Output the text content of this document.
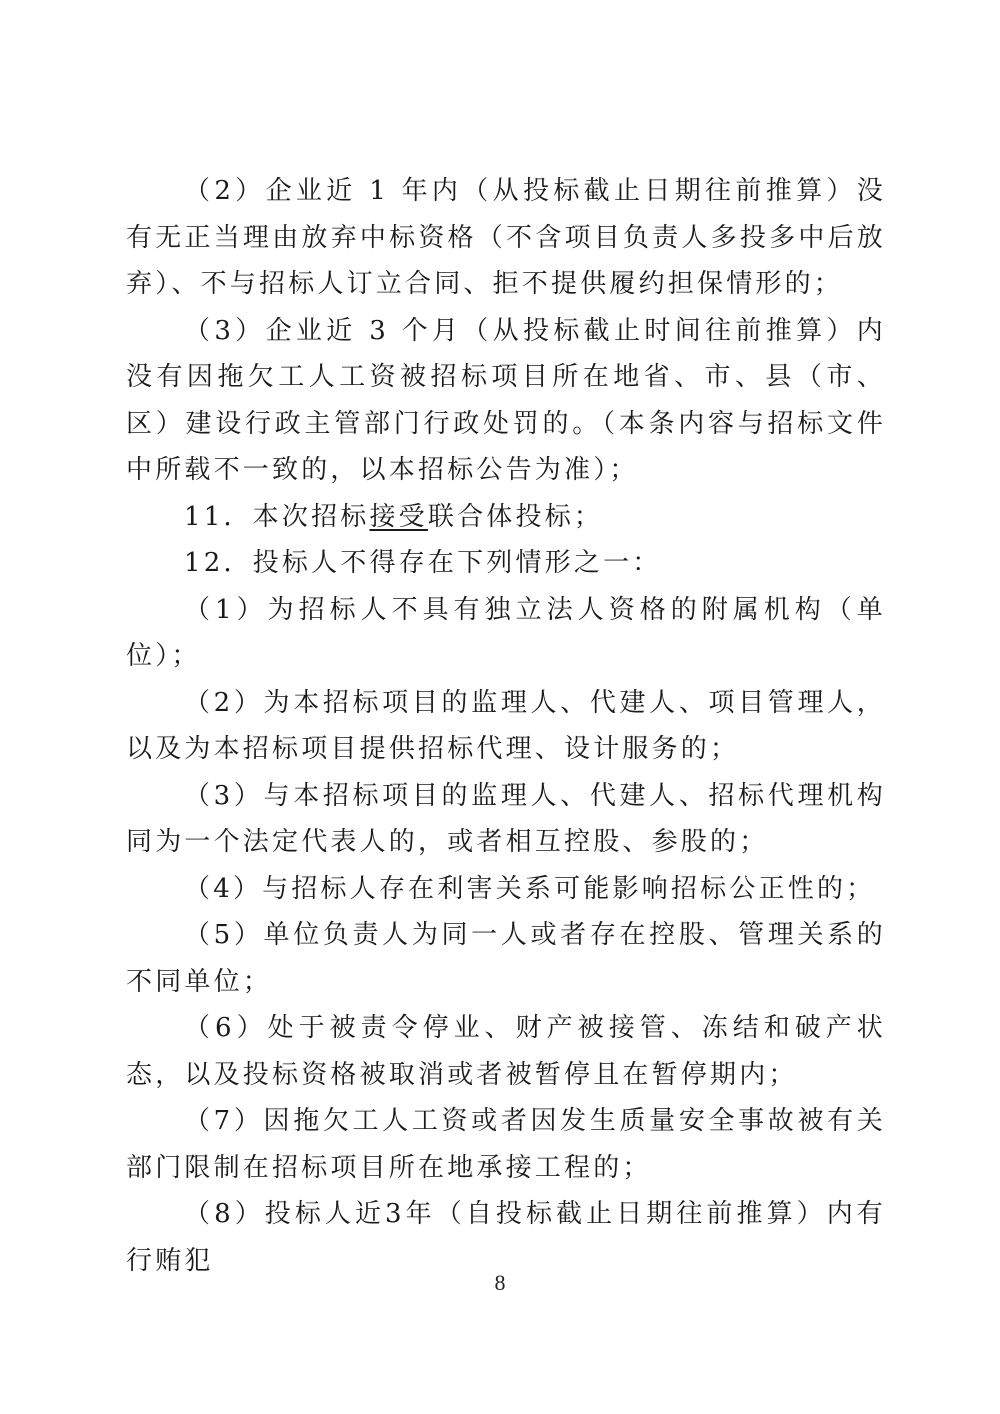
（2）企业近 1 年内（从投标截止日期往前推算）没有无正当理由放弃中标资格（不含项目负责人多投多中后放弃）、不与招标人订立合同、拒不提供履约担保情形的；

（3）企业近 3 个月（从投标截止时间往前推算）内没有因拖欠工人工资被招标项目所在地省、市、县（市、区）建设行政主管部门行政处罚的。（本条内容与招标文件中所载不一致的，以本招标公告为准）；

11．本次招标接受联合体投标；

12．投标人不得存在下列情形之一：

（1）为招标人不具有独立法人资格的附属机构（单位）；

（2）为本招标项目的监理人、代建人、项目管理人，以及为本招标项目提供招标代理、设计服务的；

（3）与本招标项目的监理人、代建人、招标代理机构同为一个法定代表人的，或者相互控股、参股的；

（4）与招标人存在利害关系可能影响招标公正性的；

（5）单位负责人为同一人或者存在控股、管理关系的不同单位；

（6）处于被责令停业、财产被接管、冻结和破产状态，以及投标资格被取消或者被暂停且在暂停期内；

（7）因拖欠工人工资或者因发生质量安全事故被有关部门限制在招标项目所在地承接工程的；

（8）投标人近3年（自投标截止日期往前推算）内有行贿犯

8
